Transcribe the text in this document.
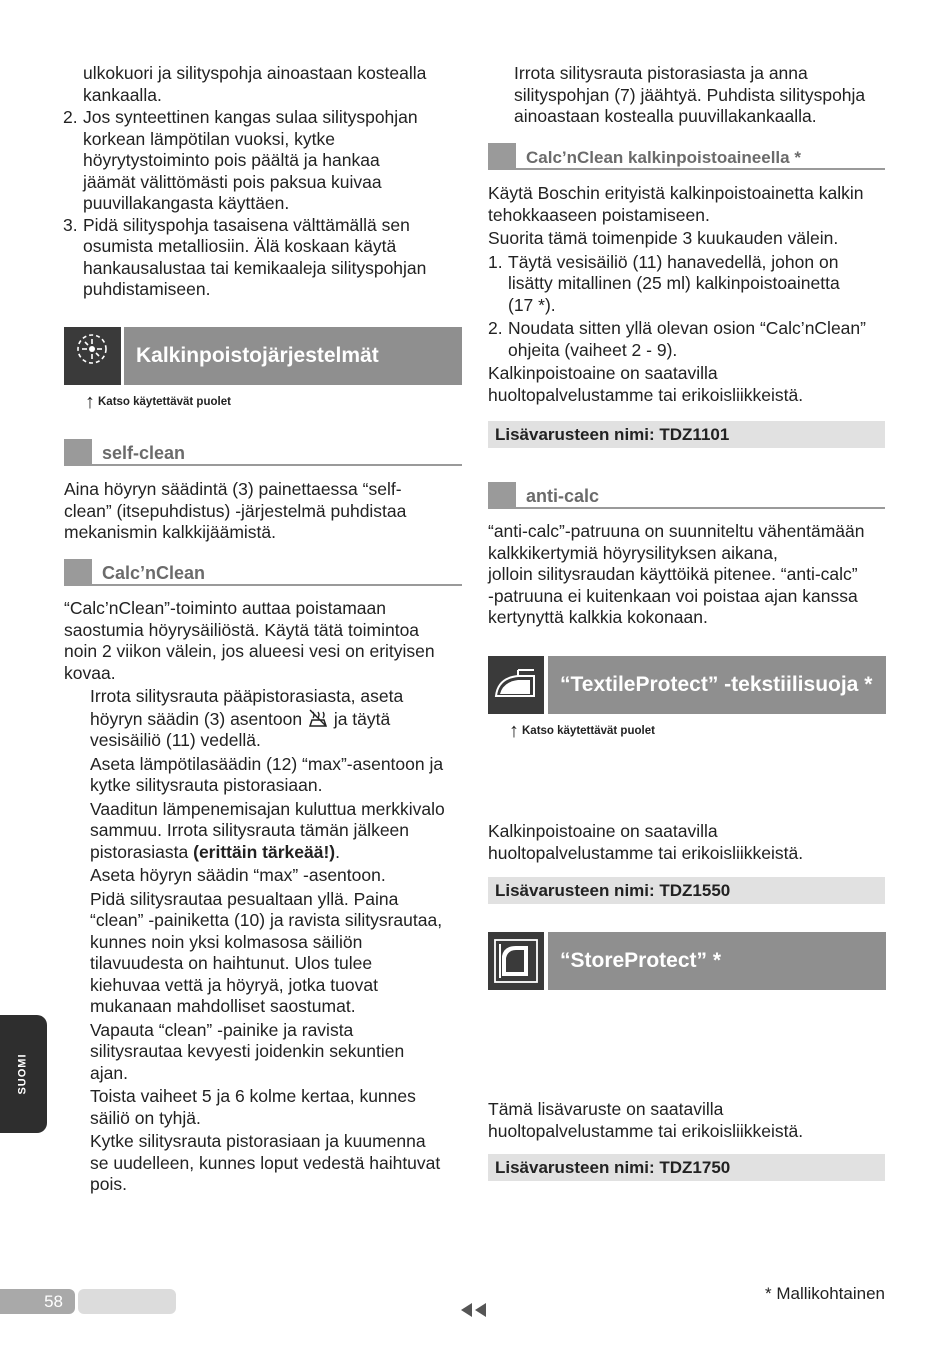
ulkokuori ja silityspohja ainoastaan kostealla

kankaalla.

2. Jos synteettinen kangas sulaa silityspohjan

korkean lämpötilan vuoksi, kytke

höyrytystoiminto pois päältä ja hankaa

jäämät välittömästi pois paksua kuivaa

puuvillakangasta käyttäen.

3. Pidä silityspohja tasaisena välttämällä sen

osumista metalliosiin. Älä koskaan käytä

hankausalustaa tai kemikaaleja silityspohjan

puhdistamiseen.

Kalkinpoistojärjestelmät
↑ Katso käytettävät puolet
self-clean

Aina höyryn säädintä (3) painettaessa “self-

clean” (itsepuhdistus) -järjestelmä puhdistaa

mekanismin kalkkijäämistä.

Calc’nClean

“Calc’nClean”-toiminto auttaa poistamaan

saostumia höyrysäiliöstä. Käytä tätä toimintoa

noin 2 viikon välein, jos alueesi vesi on erityisen

kovaa.

Irrota silitysrauta pääpistorasiasta, aseta

höyryn säädin (3) asentoon ja täytä

vesisäiliö (11) vedellä.

Aseta lämpötilasäädin (12) “max”-asentoon ja

kytke silitysrauta pistorasiaan.

Vaaditun lämpenemisajan kuluttua merkkivalo

sammuu. Irrota silitysrauta tämän jälkeen

pistorasiasta (erittäin tärkeää!).

Aseta höyryn säädin “max” -asentoon.

Pidä silitysrautaa pesualtaan yllä. Paina

“clean” -painiketta (10) ja ravista silitysrautaa,

kunnes noin yksi kolmasosa säiliön

tilavuudesta on haihtunut. Ulos tulee

kiehuvaa vettä ja höyryä, jotka tuovat

mukanaan mahdolliset saostumat.

Vapauta “clean” -painike ja ravista

silitysrautaa kevyesti joidenkin sekuntien

ajan.

Toista vaiheet 5 ja 6 kolme kertaa, kunnes

säiliö on tyhjä.

Kytke silitysrauta pistorasiaan ja kuumenna

se uudelleen, kunnes loput vedestä haihtuvat

pois.

SUOMI
58

Irrota silitysrauta pistorasiasta ja anna

silityspohjan (7) jäähtyä. Puhdista silityspohja

ainoastaan kostealla puuvillakankaalla.

Calc’nClean kalkinpoistoaineella *

Käytä Boschin erityistä kalkinpoistoainetta kalkin

tehokkaaseen poistamiseen.

Suorita tämä toimenpide 3 kuukauden välein.

1. Täytä vesisäiliö (11) hanavedellä, johon on

lisätty mitallinen (25 ml) kalkinpoistoainetta

(17 *).

2. Noudata sitten yllä olevan osion “Calc’nClean”

ohjeita (vaiheet 2 - 9).

Kalkinpoistoaine on saatavilla

huoltopalvelustamme tai erikoisliikkeistä.

Lisävarusteen nimi: TDZ1101
anti-calc

“anti-calc”-patruuna on suunniteltu vähentämään

kalkkikertymiä höyrysilityksen aikana,

jolloin silitysraudan käyttöikä pitenee. “anti-calc”

-patruuna ei kuitenkaan voi poistaa ajan kanssa

kertynyttä kalkkia kokonaan.

“TextileProtect” -tekstiilisuoja *
↑ Katso käytettävät puolet

Kalkinpoistoaine on saatavilla

huoltopalvelustamme tai erikoisliikkeistä.

Lisävarusteen nimi: TDZ1550
“StoreProtect” *

Tämä lisävaruste on saatavilla

huoltopalvelustamme tai erikoisliikkeistä.

Lisävarusteen nimi: TDZ1750
* Mallikohtainen
